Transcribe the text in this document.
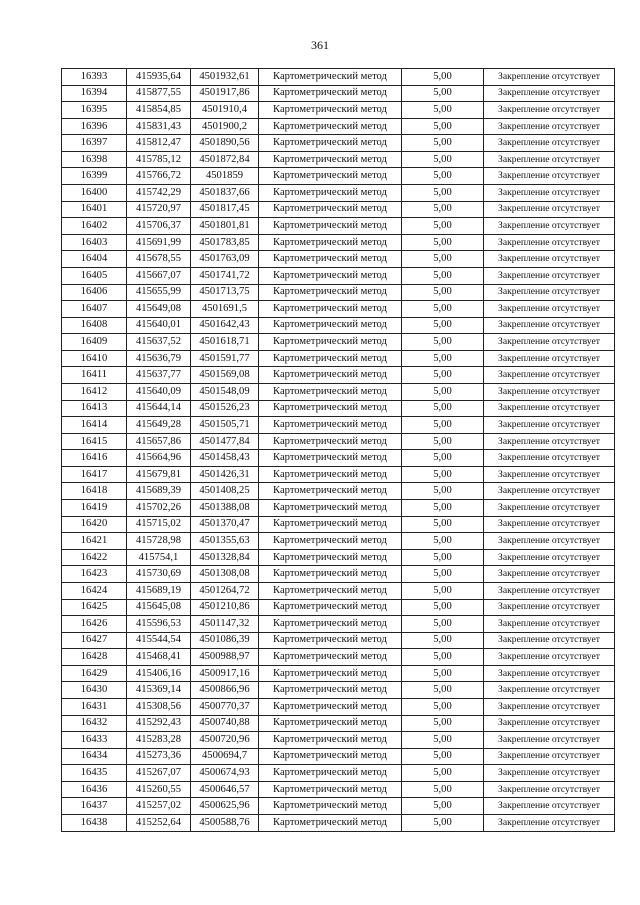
361
16393	415935,64	4501932,61	Картометрический метод	5,00	Закрепление отсутствует
16394	415877,55	4501917,86	Картометрический метод	5,00	Закрепление отсутствует
16395	415854,85	4501910,4	Картометрический метод	5,00	Закрепление отсутствует
16396	415831,43	4501900,2	Картометрический метод	5,00	Закрепление отсутствует
16397	415812,47	4501890,56	Картометрический метод	5,00	Закрепление отсутствует
16398	415785,12	4501872,84	Картометрический метод	5,00	Закрепление отсутствует
16399	415766,72	4501859	Картометрический метод	5,00	Закрепление отсутствует
16400	415742,29	4501837,66	Картометрический метод	5,00	Закрепление отсутствует
16401	415720,97	4501817,45	Картометрический метод	5,00	Закрепление отсутствует
16402	415706,37	4501801,81	Картометрический метод	5,00	Закрепление отсутствует
16403	415691,99	4501783,85	Картометрический метод	5,00	Закрепление отсутствует
16404	415678,55	4501763,09	Картометрический метод	5,00	Закрепление отсутствует
16405	415667,07	4501741,72	Картометрический метод	5,00	Закрепление отсутствует
16406	415655,99	4501713,75	Картометрический метод	5,00	Закрепление отсутствует
16407	415649,08	4501691,5	Картометрический метод	5,00	Закрепление отсутствует
16408	415640,01	4501642,43	Картометрический метод	5,00	Закрепление отсутствует
16409	415637,52	4501618,71	Картометрический метод	5,00	Закрепление отсутствует
16410	415636,79	4501591,77	Картометрический метод	5,00	Закрепление отсутствует
16411	415637,77	4501569,08	Картометрический метод	5,00	Закрепление отсутствует
16412	415640,09	4501548,09	Картометрический метод	5,00	Закрепление отсутствует
16413	415644,14	4501526,23	Картометрический метод	5,00	Закрепление отсутствует
16414	415649,28	4501505,71	Картометрический метод	5,00	Закрепление отсутствует
16415	415657,86	4501477,84	Картометрический метод	5,00	Закрепление отсутствует
16416	415664,96	4501458,43	Картометрический метод	5,00	Закрепление отсутствует
16417	415679,81	4501426,31	Картометрический метод	5,00	Закрепление отсутствует
16418	415689,39	4501408,25	Картометрический метод	5,00	Закрепление отсутствует
16419	415702,26	4501388,08	Картометрический метод	5,00	Закрепление отсутствует
16420	415715,02	4501370,47	Картометрический метод	5,00	Закрепление отсутствует
16421	415728,98	4501355,63	Картометрический метод	5,00	Закрепление отсутствует
16422	415754,1	4501328,84	Картометрический метод	5,00	Закрепление отсутствует
16423	415730,69	4501308,08	Картометрический метод	5,00	Закрепление отсутствует
16424	415689,19	4501264,72	Картометрический метод	5,00	Закрепление отсутствует
16425	415645,08	4501210,86	Картометрический метод	5,00	Закрепление отсутствует
16426	415596,53	4501147,32	Картометрический метод	5,00	Закрепление отсутствует
16427	415544,54	4501086,39	Картометрический метод	5,00	Закрепление отсутствует
16428	415468,41	4500988,97	Картометрический метод	5,00	Закрепление отсутствует
16429	415406,16	4500917,16	Картометрический метод	5,00	Закрепление отсутствует
16430	415369,14	4500866,96	Картометрический метод	5,00	Закрепление отсутствует
16431	415308,56	4500770,37	Картометрический метод	5,00	Закрепление отсутствует
16432	415292,43	4500740,88	Картометрический метод	5,00	Закрепление отсутствует
16433	415283,28	4500720,96	Картометрический метод	5,00	Закрепление отсутствует
16434	415273,36	4500694,7	Картометрический метод	5,00	Закрепление отсутствует
16435	415267,07	4500674,93	Картометрический метод	5,00	Закрепление отсутствует
16436	415260,55	4500646,57	Картометрический метод	5,00	Закрепление отсутствует
16437	415257,02	4500625,96	Картометрический метод	5,00	Закрепление отсутствует
16438	415252,64	4500588,76	Картометрический метод	5,00	Закрепление отсутствует
